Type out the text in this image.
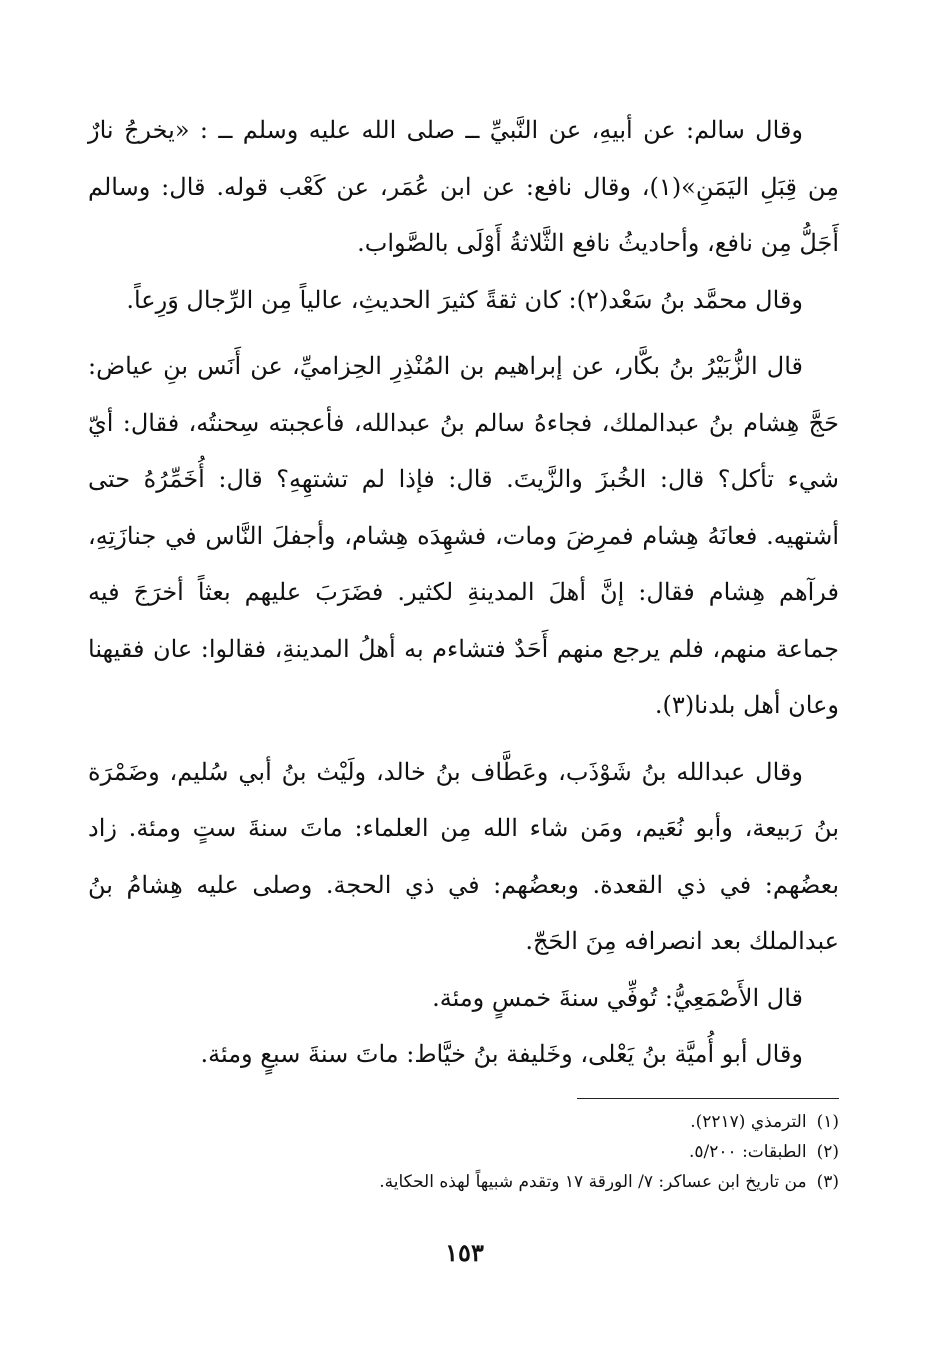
وقال سالم: عن أبيهِ، عن النَّبيِّ ــ صلى الله عليه وسلم ــ : «يخرجُ نارٌ مِن قِبَلِ اليَمَنِ»(١)، وقال نافع: عن ابن عُمَر، عن كَعْب قوله. قال: وسالم أَجَلُّ مِن نافع، وأحاديثُ نافع الثَّلاثةُ أَوْلَى بالصَّواب.

وقال محمَّد بنُ سَعْد(٢): كان ثقةً كثيرَ الحديثِ، عالياً مِن الرِّجال وَرِعاً.

قال الزُّبَيْرُ بنُ بكَّار، عن إبراهيم بن المُنْذِرِ الحِزاميِّ، عن أَنَس بنِ عياض: حَجَّ هِشام بنُ عبدالملك، فجاءهُ سالم بنُ عبدالله، فأعجبته سِحنتُه، فقال: أيّ شيء تأكل؟ قال: الخُبزَ والزَّيتَ. قال: فإذا لم تشتهِهِ؟ قال: أُخَمِّرُهُ حتى أشتهيه. فعانَهُ هِشام فمرِضَ ومات، فشهِدَه هِشام، وأجفلَ النَّاس في جنازَتِهِ، فرآهم هِشام فقال: إنَّ أهلَ المدينةِ لكثير. فضَرَبَ عليهم بعثاً أخرَجَ فيه جماعة منهم، فلم يرجع منهم أَحَدٌ فتشاءم به أهلُ المدينةِ، فقالوا: عان فقيهنا وعان أهل بلدنا(٣).

وقال عبدالله بنُ شَوْذَب، وعَطَّاف بنُ خالد، ولَيْث بنُ أبي سُليم، وضَمْرَة بنُ رَبيعة، وأبو نُعَيم، ومَن شاء الله مِن العلماء: ماتَ سنةَ ستٍ ومئة. زاد بعضُهم: في ذي القعدة. وبعضُهم: في ذي الحجة. وصلى عليه هِشامُ بنُ عبدالملك بعد انصرافه مِنَ الحَجّ.

قال الأَصْمَعِيُّ: تُوفِّي سنةَ خمسٍ ومئة.

وقال أبو أُميَّة بنُ يَعْلى، وخَليفة بنُ خيَّاط: ماتَ سنةَ سبعٍ ومئة.

(١)الترمذي (٢٢١٧).

(٢)الطبقات: ٥/٢٠٠.

(٣)من تاريخ ابن عساكر: ٧/ الورقة ١٧ وتقدم شبيهاً لهذه الحكاية.

١٥٣
